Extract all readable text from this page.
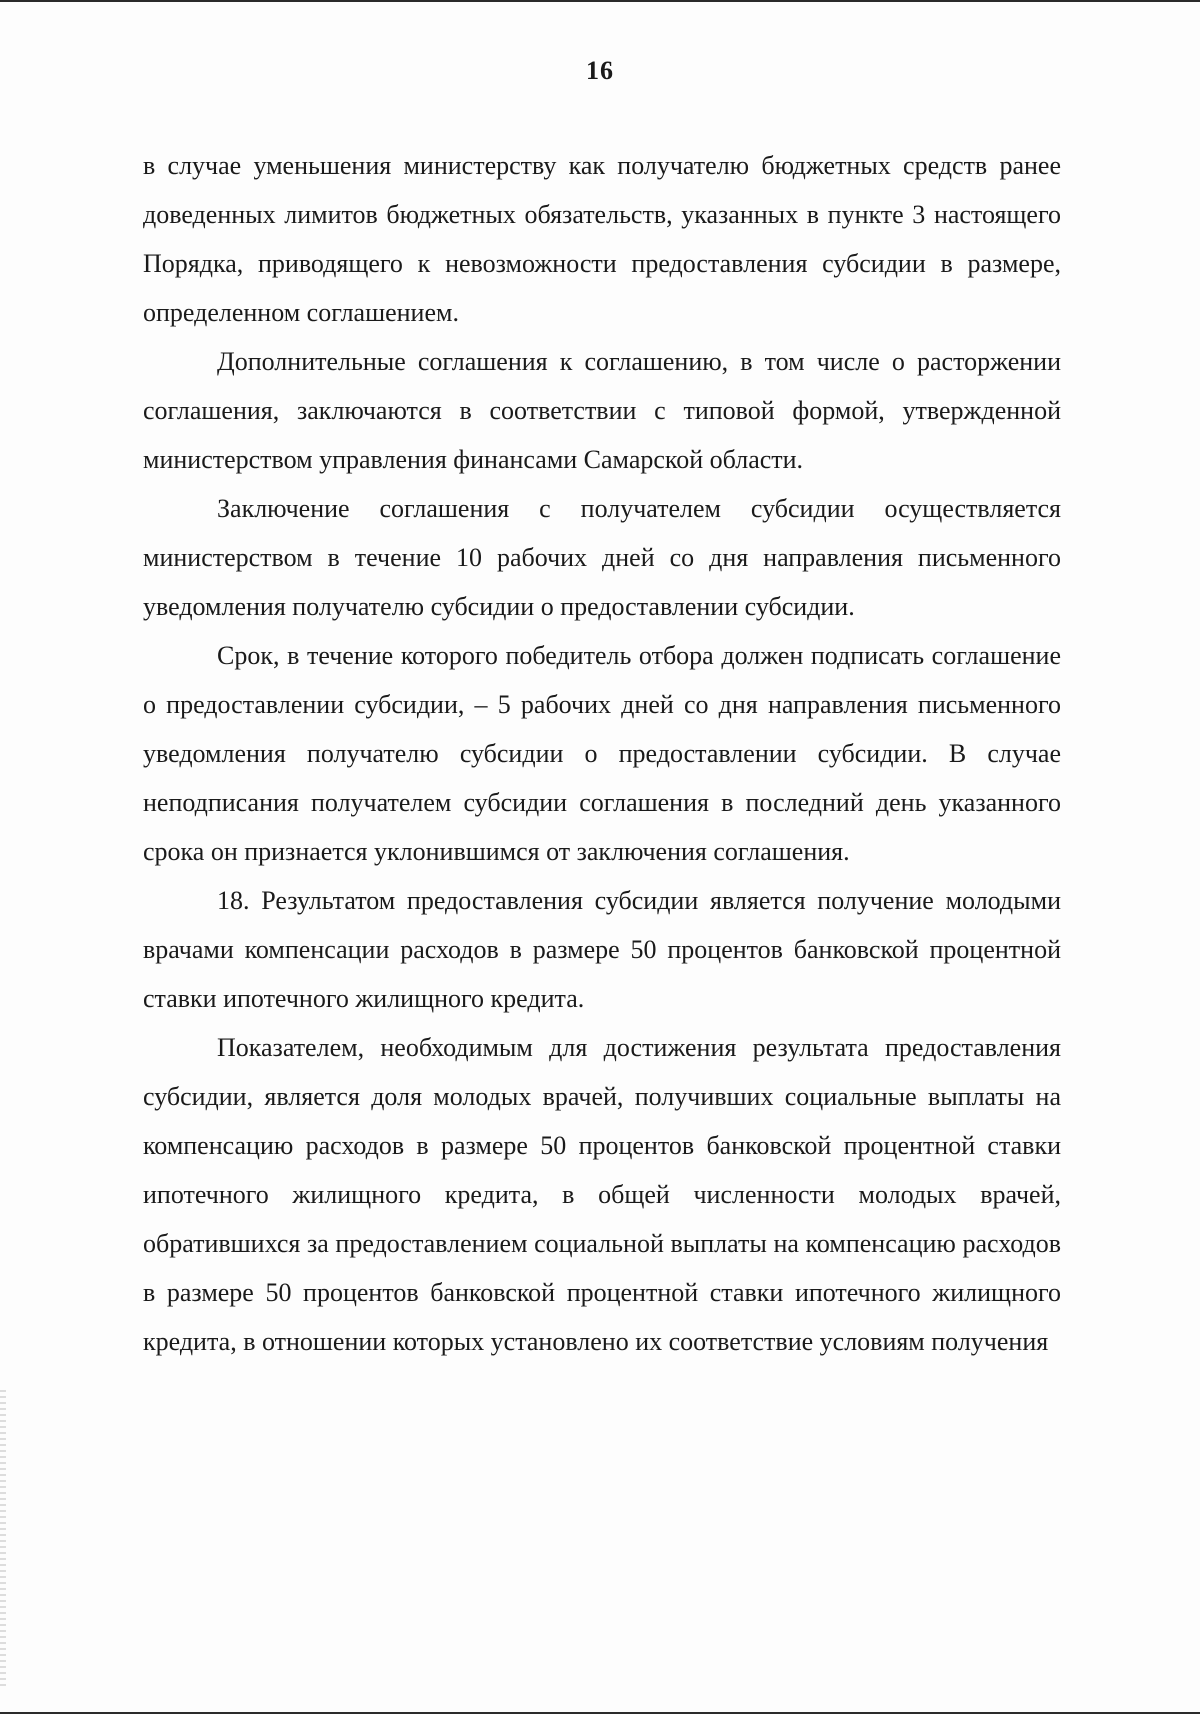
16

в случае уменьшения министерству как получателю бюджетных средств ранее доведенных лимитов бюджетных обязательств, указанных в пункте 3 настоящего Порядка, приводящего к невозможности предоставления субсидии в размере, определенном соглашением.

Дополнительные соглашения к соглашению, в том числе о расторжении соглашения, заключаются в соответствии с типовой формой, утвержденной министерством управления финансами Самарской области.

Заключение соглашения с получателем субсидии осуществляется министерством в течение 10 рабочих дней со дня направления письменного уведомления получателю субсидии о предоставлении субсидии.

Срок, в течение которого победитель отбора должен подписать соглашение о предоставлении субсидии, – 5 рабочих дней со дня направления письменного уведомления получателю субсидии о предоставлении субсидии. В случае неподписания получателем субсидии соглашения в последний день указанного срока он признается уклонившимся от заключения соглашения.

18. Результатом предоставления субсидии является получение молодыми врачами компенсации расходов в размере 50 процентов банковской процентной ставки ипотечного жилищного кредита.

Показателем, необходимым для достижения результата предоставления субсидии, является доля молодых врачей, получивших социальные выплаты на компенсацию расходов в размере 50 процентов банковской процентной ставки ипотечного жилищного кредита, в общей численности молодых врачей, обратившихся за предоставлением социальной выплаты на компенсацию расходов в размере 50 процентов банковской процентной ставки ипотечного жилищного кредита, в отношении которых установлено их соответствие условиям получения
